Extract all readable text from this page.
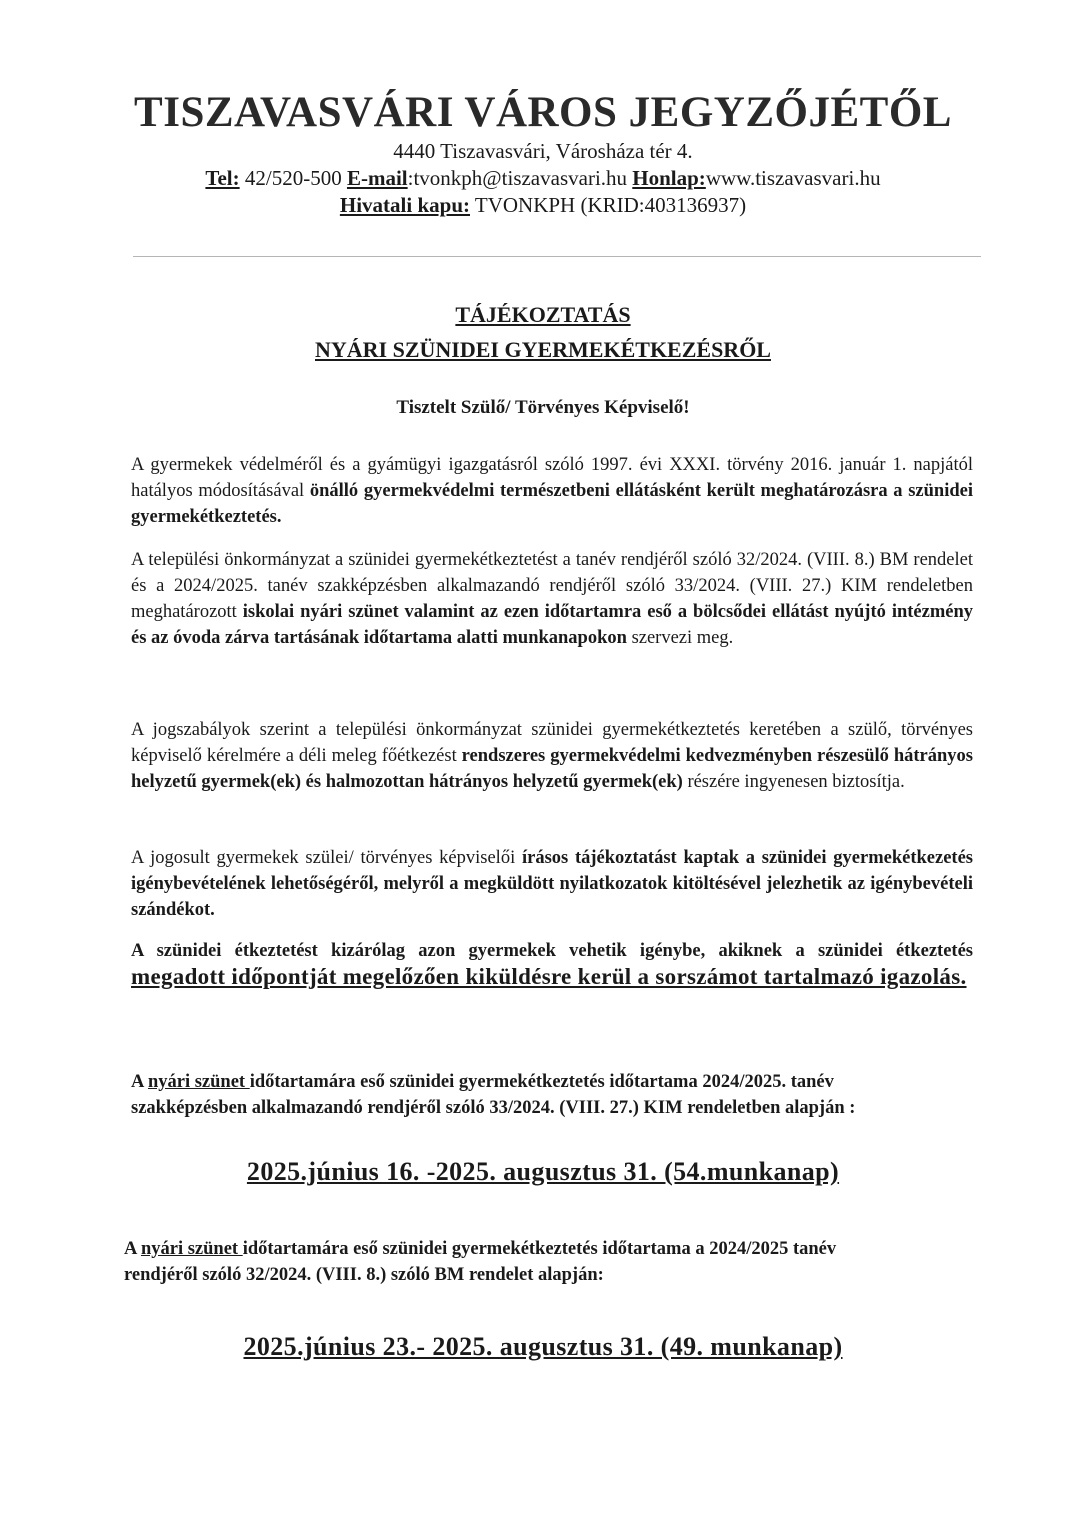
TISZAVASVÁRI VÁROS JEGYZŐJÉTŐL
4440 Tiszavasvári, Városháza tér 4.
Tel: 42/520-500 E-mail:tvonkph@tiszavasvari.hu Honlap:www.tiszavasvari.hu
Hivatali kapu: TVONKPH (KRID:403136937)
TÁJÉKOZTATÁS
NYÁRI SZÜNIDEI GYERMEKÉTKEZÉSRŐL
Tisztelt Szülő/ Törvényes Képviselő!

A gyermekek védelméről és a gyámügyi igazgatásról szóló 1997. évi XXXI. törvény 2016. január 1. napjától hatályos módosításával önálló gyermekvédelmi természetbeni ellátásként került meghatározásra a szünidei gyermekétkeztetés.

A települési önkormányzat a szünidei gyermekétkeztetést a tanév rendjéről szóló 32/2024. (VIII. 8.) BM rendelet és a 2024/2025. tanév szakképzésben alkalmazandó rendjéről szóló 33/2024. (VIII. 27.) KIM rendeletben meghatározott iskolai nyári szünet valamint az ezen időtartamra eső a bölcsődei ellátást nyújtó intézmény és az óvoda zárva tartásának időtartama alatti munkanapokon szervezi meg.

A jogszabályok szerint a települési önkormányzat szünidei gyermekétkeztetés keretében a szülő, törvényes képviselő kérelmére a déli meleg főétkezést rendszeres gyermekvédelmi kedvezményben részesülő hátrányos helyzetű gyermek(ek) és halmozottan hátrányos helyzetű gyermek(ek) részére ingyenesen biztosítja.

A jogosult gyermekek szülei/ törvényes képviselői írásos tájékoztatást kaptak a szünidei gyermekétkezetés igénybevételének lehetőségéről, melyről a megküldött nyilatkozatok kitöltésével jelezhetik az igénybevételi szándékot.

A szünidei étkeztetést kizárólag azon gyermekek vehetik igénybe, akiknek a szünidei étkeztetés megadott időpontját megelőzően kiküldésre kerül a sorszámot tartalmazó igazolás.

A nyári szünet időtartamára eső szünidei gyermekétkeztetés időtartama 2024/2025. tanév szakképzésben alkalmazandó rendjéről szóló 33/2024. (VIII. 27.) KIM rendeletben alapján :

2025.június 16. -2025. augusztus 31. (54.munkanap)

A nyári szünet időtartamára eső szünidei gyermekétkeztetés időtartama a 2024/2025 tanév rendjéről szóló 32/2024. (VIII. 8.) szóló BM rendelet alapján:

2025.június 23.- 2025. augusztus 31. (49. munkanap)
